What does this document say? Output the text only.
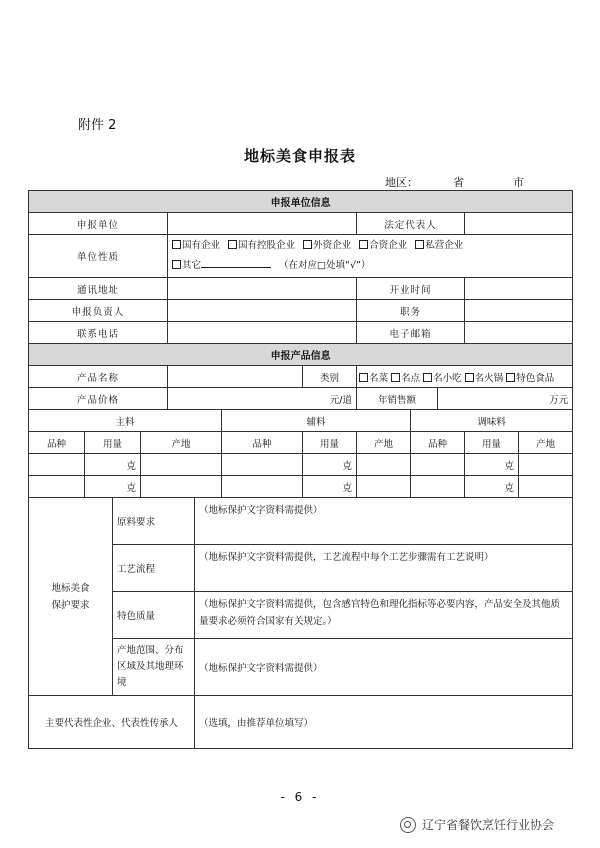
附件 2
地标美食申报表
地区：	省	市
申报单位信息												
申报单位								法定代表人				
单位性质				国有企业 国有控股企业 外资企业 合资企业 私营企业
其它 （在对应□处填“√”）								
通讯地址								开业时间				
申报负责人								职务				
联系电话								电子邮箱				
申报产品信息												
产品名称							类别	名菜 名点 名小吃 名火锅 特色食品				
产品价格				元/道				年销售额		万元		
主料						辅料			调味料			
品种	用量		产地			品种	用量	产地	品种		用量	产地
	克						克				克	
	克						克				克	
地标美食
保护要求		原料要求			（地标保护文字资料需提供）							
		工艺流程			（地标保护文字资料需提供，工艺流程中每个工艺步骤需有工艺说明）							
		特色质量			（地标保护文字资料需提供，包含感官特色和理化指标等必要内容，产品安全及其他质量要求必须符合国家有关规定。）							
		产地范围、分布区域及其地理环境			（地标保护文字资料需提供）							
主要代表性企业、代表性传承人					（选填，由推荐单位填写）							
- 6 -
辽宁省餐饮烹饪行业协会
